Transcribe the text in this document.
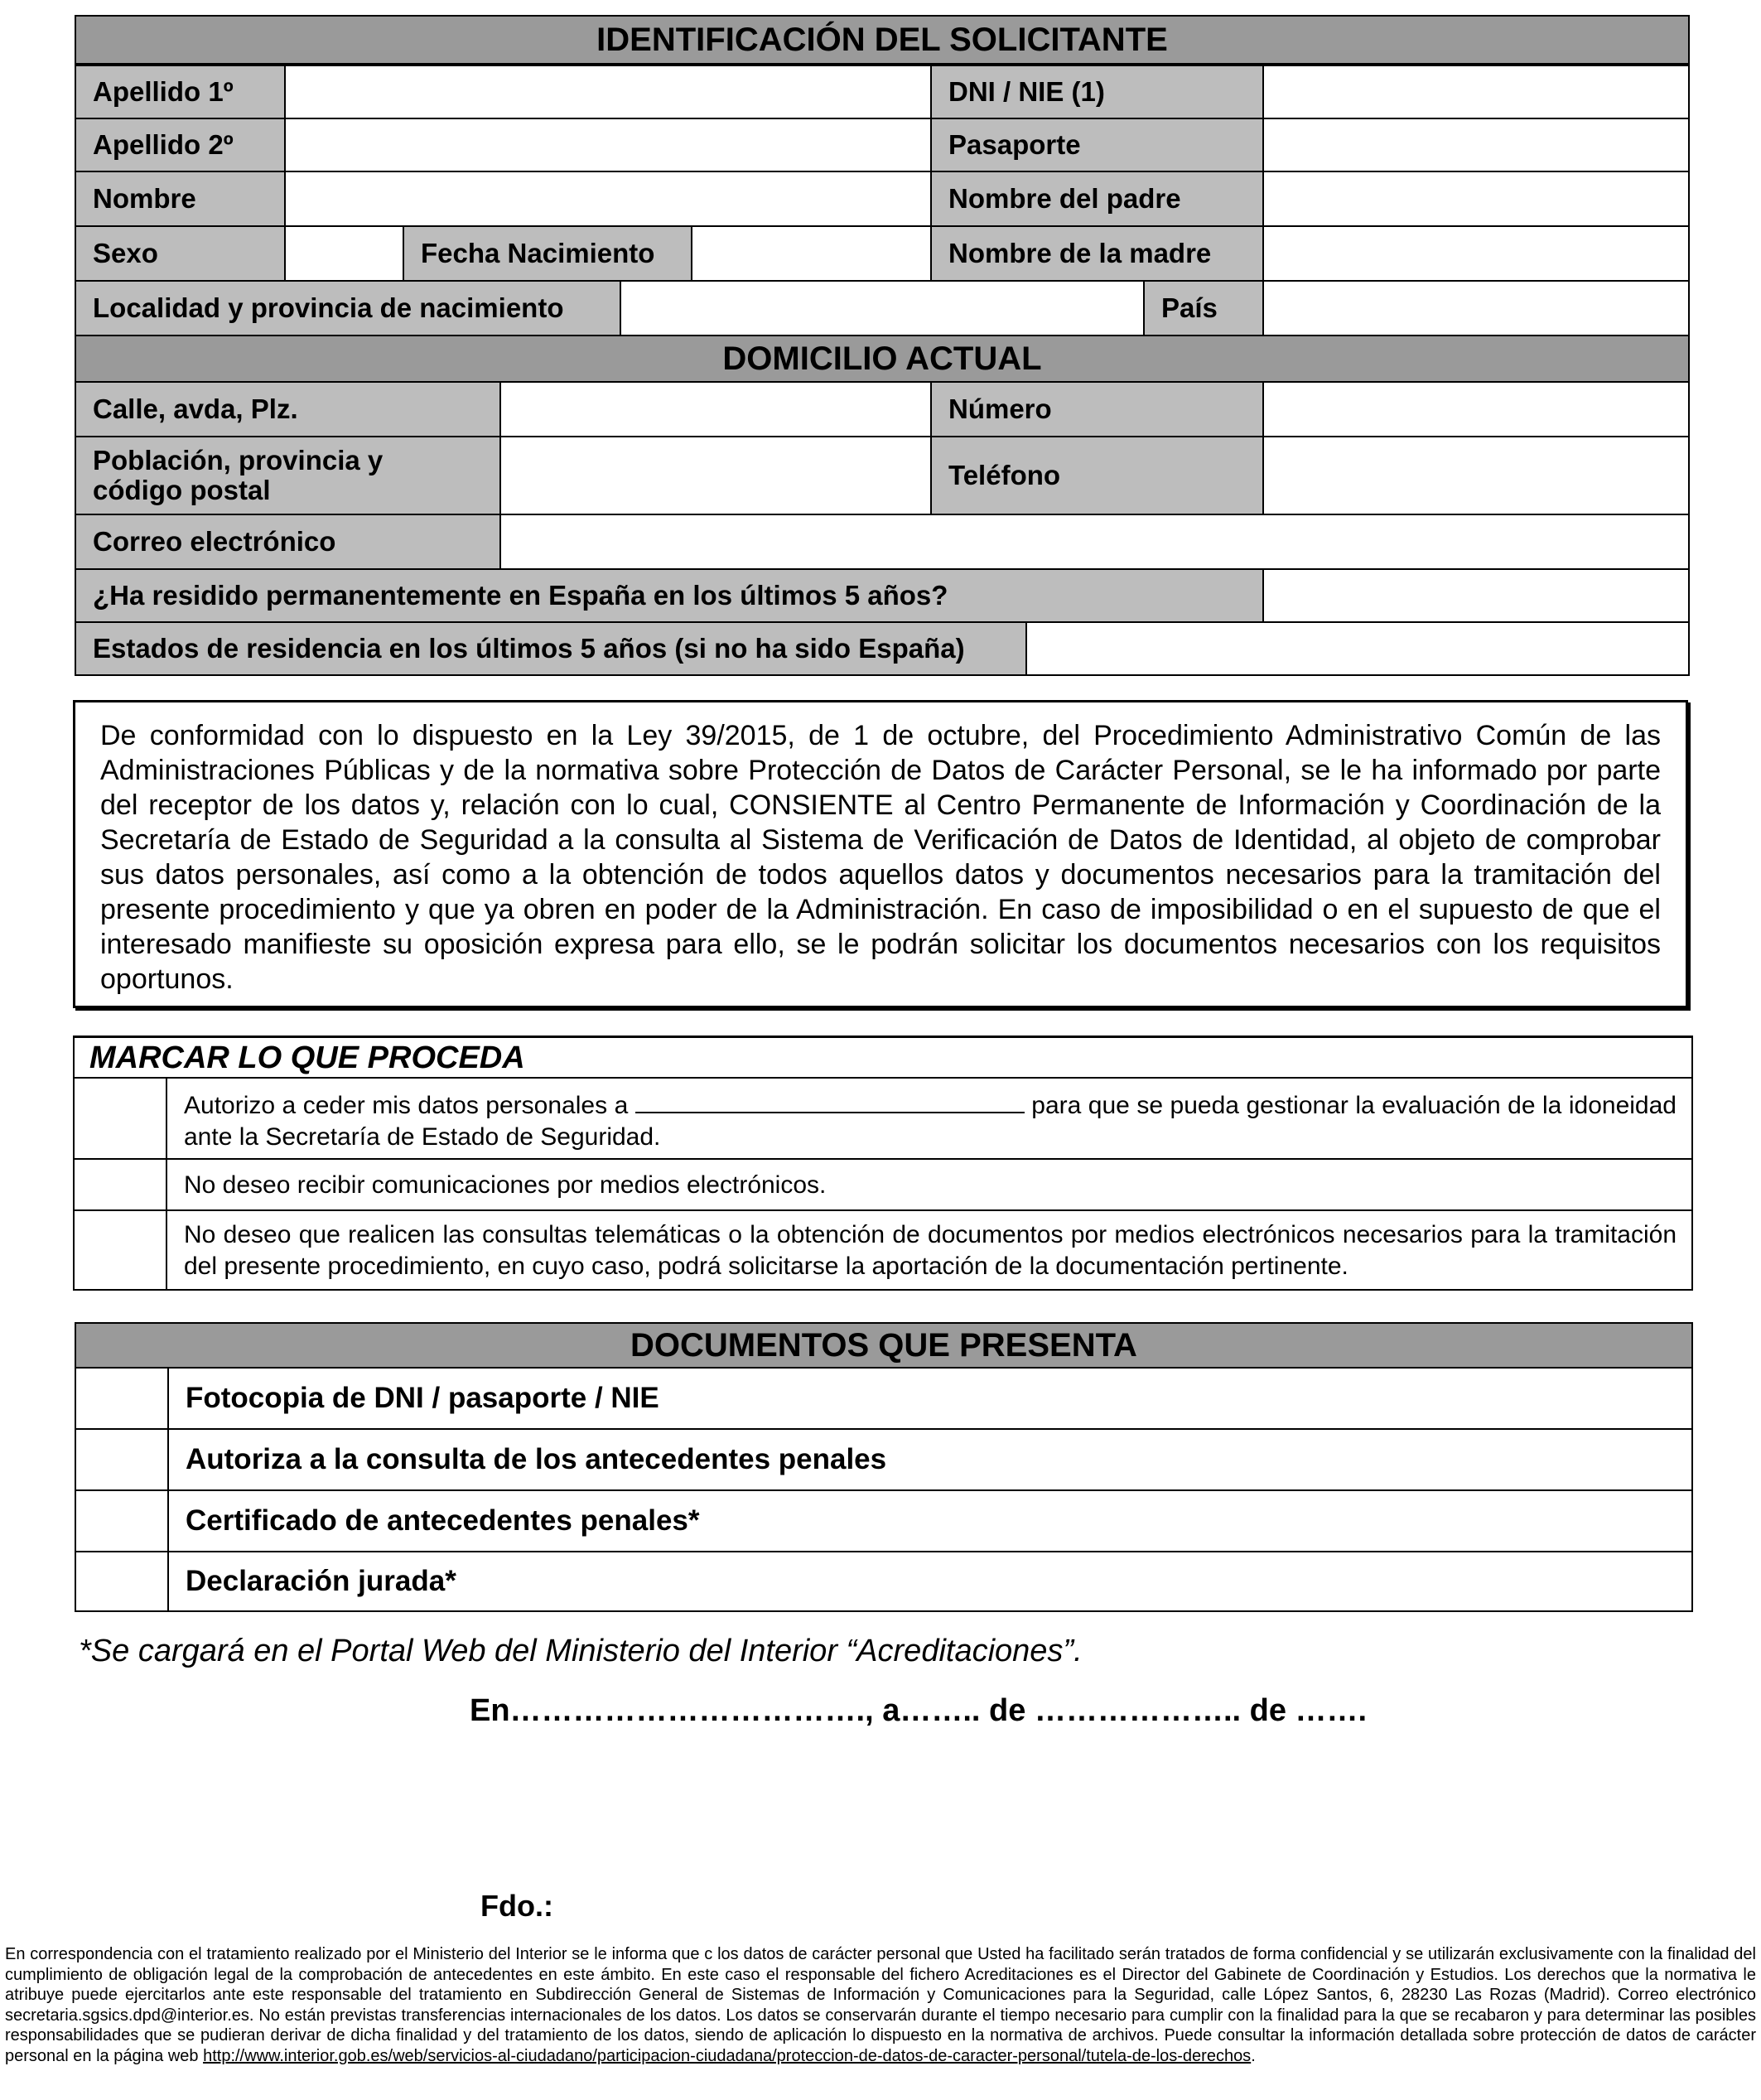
IDENTIFICACIÓN DEL SOLICITANTE
Apellido 1º	DNI / NIE (1)
Apellido 2º	Pasaporte
Nombre	Nombre del padre
Sexo	Fecha Nacimiento	Nombre de la madre
Localidad y provincia de nacimiento	País
DOMICILIO ACTUAL
Calle, avda, Plz.	Número
Población, provincia y
código postal	Teléfono
Correo electrónico
¿Ha residido permanentemente en España en los últimos 5 años?
Estados de residencia en los últimos 5 años (si no ha sido España)
De conformidad con lo dispuesto en la Ley 39/2015, de 1 de octubre, del Procedimiento Administrativo Común de las Administraciones Públicas y de la normativa sobre Protección de Datos de Carácter Personal, se le ha informado por parte del receptor de los datos y, relación con lo cual, CONSIENTE al Centro Permanente de Información y Coordinación de la Secretaría de Estado de Seguridad a la consulta al Sistema de Verificación de Datos de Identidad, al objeto de comprobar sus datos personales, así como a la obtención de todos aquellos datos y documentos necesarios para la tramitación del presente procedimiento y que ya obren en poder de la Administración. En caso de imposibilidad o en el supuesto de que el interesado manifieste su oposición expresa para ello, se le podrán solicitar los documentos necesarios con los requisitos oportunos.
MARCAR LO QUE PROCEDA
Autorizo a ceder mis datos personales a	para que se pueda gestionar la evaluación de la idoneidad ante la Secretaría de Estado de Seguridad.
No deseo recibir comunicaciones por medios electrónicos.
No deseo que realicen las consultas telemáticas o la obtención de documentos por medios electrónicos necesarios para la tramitación del presente procedimiento, en cuyo caso, podrá solicitarse la aportación de la documentación pertinente.
DOCUMENTOS QUE PRESENTA
Fotocopia de DNI / pasaporte / NIE
Autoriza a la consulta de los antecedentes penales
Certificado de antecedentes penales*
Declaración jurada*
*Se cargará en el Portal Web del Ministerio del Interior “Acreditaciones”.
En……………………………., a…….. de ……………….. de …….
Fdo.:
En correspondencia con el tratamiento realizado por el Ministerio del Interior se le informa que c los datos de carácter personal que Usted ha facilitado serán tratados de forma confidencial y se utilizarán exclusivamente con la finalidad del cumplimiento de obligación legal de la comprobación de antecedentes en este ámbito. En este caso el responsable del fichero Acreditaciones es el Director del Gabinete de Coordinación y Estudios. Los derechos que la normativa le atribuye puede ejercitarlos ante este responsable del tratamiento en Subdirección General de Sistemas de Información y Comunicaciones para la Seguridad, calle López Santos, 6, 28230 Las Rozas (Madrid). Correo electrónico secretaria.sgsics.dpd@interior.es. No están previstas transferencias internacionales de los datos. Los datos se conservarán durante el tiempo necesario para cumplir con la finalidad para la que se recabaron y para determinar las posibles responsabilidades que se pudieran derivar de dicha finalidad y del tratamiento de los datos, siendo de aplicación lo dispuesto en la normativa de archivos. Puede consultar la información detallada sobre protección de datos de carácter personal en la página web http://www.interior.gob.es/web/servicios-al-ciudadano/participacion-ciudadana/proteccion-de-datos-de-caracter-personal/tutela-de-los-derechos.
